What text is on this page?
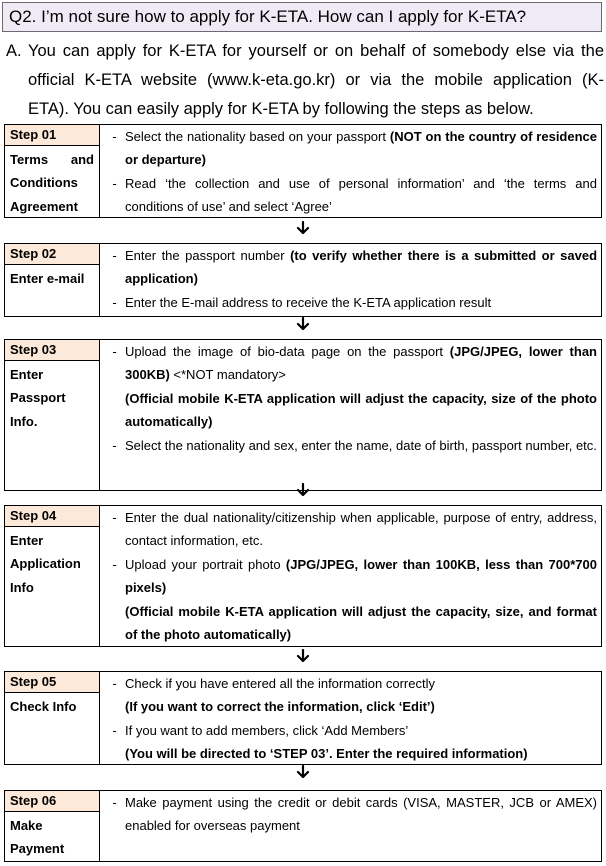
Q2. I’m not sure how to apply for K-ETA. How can I apply for K-ETA?
A. You can apply for K-ETA for yourself or on behalf of somebody else via the
official K-ETA website (www.k-eta.go.kr) or via the mobile application (K-
ETA). You can easily apply for K-ETA by following the steps as below.
Step 01
Terms and
Conditions
Agreement
- Select the nationality based on your passport (NOT on the country of residence or departure)
- Read ‘the collection and use of personal information’ and ‘the terms and conditions of use’ and select ‘Agree’
Step 02
Enter e-mail
- Enter the passport number (to verify whether there is a submitted or saved application)
- Enter the E-mail address to receive the K-ETA application result
Step 03
Enter
Passport
Info.
- Upload the image of bio-data page on the passport (JPG/JPEG, lower than 300KB) <*NOT mandatory>
(Official mobile K-ETA application will adjust the capacity, size of the photo automatically)
- Select the nationality and sex, enter the name, date of birth, passport number, etc.
Step 04
Enter
Application
Info
- Enter the dual nationality/citizenship when applicable, purpose of entry, address, contact information, etc.
- Upload your portrait photo (JPG/JPEG, lower than 100KB, less than 700*700 pixels)
(Official mobile K-ETA application will adjust the capacity, size, and format of the photo automatically)
Step 05
Check Info
- Check if you have entered all the information correctly
(If you want to correct the information, click ‘Edit’)
- If you want to add members, click ‘Add Members’
(You will be directed to ‘STEP 03’. Enter the required information)
Step 06
Make
Payment
- Make payment using the credit or debit cards (VISA, MASTER, JCB or AMEX) enabled for overseas payment
